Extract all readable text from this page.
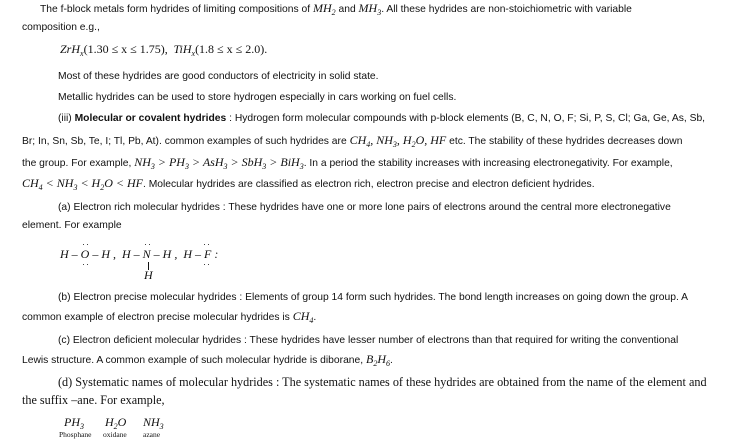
The f-block metals form hydrides of limiting compositions of $MH_2$ and $MH_3$. All these hydrides are non-stoichiometric with variable
composition e.g.,
ZrH$_x$(1.30 ≤ x ≤ 1.75), TiH$_x$(1.8 ≤ x ≤ 2.0).
Most of these hydrides are good conductors of electricity in solid state.
Metallic hydrides can be used to store hydrogen especially in cars working on fuel cells.
(iii) Molecular or covalent hydrides : Hydrogen form molecular compounds with p-block elements (B, C, N, O, F; Si, P, S, Cl; Ga, Ge, As, Sb,
Br; In, Sn, Sb, Te, I; Tl, Pb, At). common examples of such hydrides are $CH_4$, $NH_3$, $H_2O$, HF etc. The stability of these hydrides decreases down
the group. For example, $NH_3 > PH_3 > AsH_3 > SbH_3 > BiH_3$. In a period the stability increases with increasing electronegativity. For example,
$CH_4 < NH_3 < H_2O$ < HF. Molecular hydrides are classified as electron rich, electron precise and electron deficient hydrides.
(a) Electron rich molecular hydrides : These hydrides have one or more lone pairs of electrons around the central more electronegative
element. For example
H – O – H ,  H – N – H ,  H – F :
··
··
··	··
··
H
(b) Electron precise molecular hydrides : Elements of group 14 form such hydrides. The bond length increases on going down the group. A
common example of electron precise molecular hydrides is $CH_4$.
(c) Electron deficient molecular hydrides : These hydrides have lesser number of electrons than that required for writing the conventional
Lewis structure. A common example of such molecular hydride is diborane, $B_2H_6$.
(d) Systematic names of molecular hydrides : The systematic names of these hydrides are obtained from the name of the element and
the suffix –ane. For example,
$PH_3$ $H_2O$ $NH_3$
Phosphane oxidane azane
